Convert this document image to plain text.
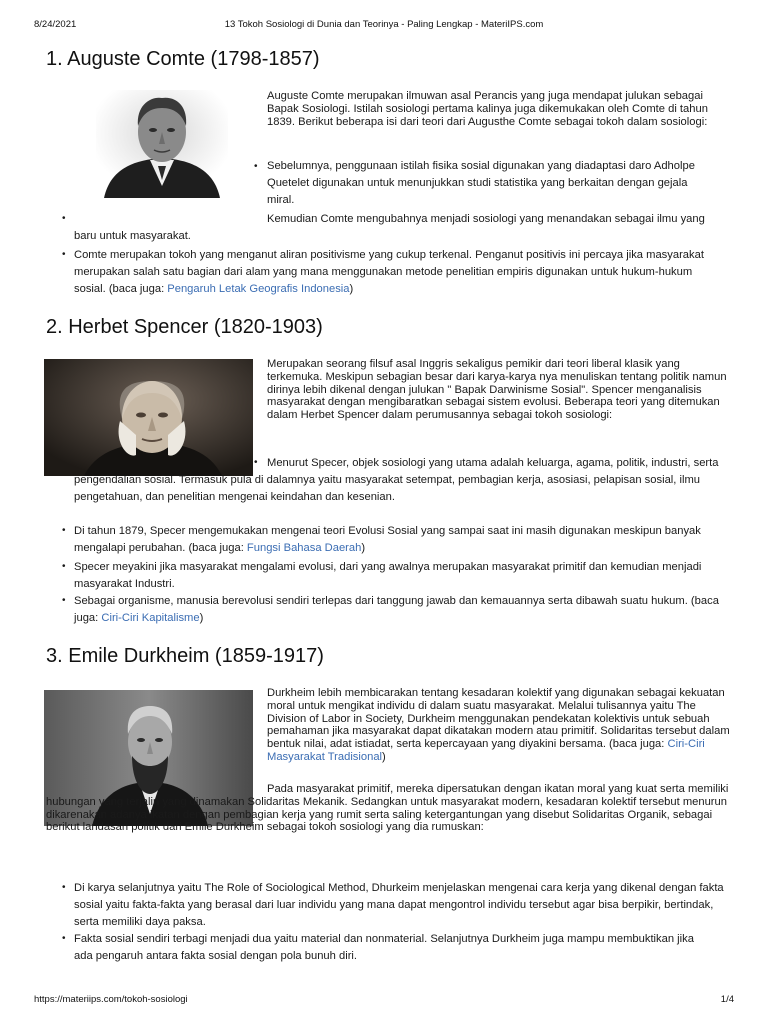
8/24/2021	13 Tokoh Sosiologi di Dunia dan Teorinya - Paling Lengkap - MateriIPS.com
https://materiips.com/tokoh-sosiologi	1/4
1. Auguste Comte (1798-1857)

Auguste Comte merupakan ilmuwan asal Perancis yang juga mendapat julukan sebagai Bapak Sosiologi. Istilah sosiologi pertama kalinya juga dikemukakan oleh Comte di tahun 1839. Berikut beberapa isi dari teori dari Augusthe Comte sebagai tokoh dalam sosiologi:

Sebelumnya, penggunaan istilah fisika sosial digunakan yang diadaptasi daro Adholpe Quetelet digunakan untuk menunjukkan studi statistika yang berkaitan dengan gejala miral.
•
•	Kemudian Comte mengubahnya menjadi sosiologi yang menandakan sebagai ilmu yang baru untuk masyarakat.
• Comte merupakan tokoh yang menganut aliran positivisme yang cukup terkenal. Penganut positivis ini percaya jika masyarakat merupakan salah satu bagian dari alam yang mana menggunakan metode penelitian empiris digunakan untuk hukum-hukum sosial. (baca juga: Pengaruh Letak Geografis Indonesia)
2. Herbet Spencer (1820-1903)

Merupakan seorang filsuf asal Inggris sekaligus pemikir dari teori liberal klasik yang terkemuka. Meskipun sebagian besar dari karya-karya nya menuliskan tentang politik namun dirinya lebih dikenal dengan julukan " Bapak Darwinisme Sosial". Spencer menganalisis masyarakat dengan mengibaratkan sebagai sistem evolusi. Beberapa teori yang ditemukan dalam Herbet Spencer dalam perumusannya sebagai tokoh sosiologi:

• Menurut Specer, objek sosiologi yang utama adalah keluarga, agama, politik, industri, serta pengendalian sosial. Termasuk pula di dalamnya yaitu masyarakat setempat, pembagian kerja, asosiasi, pelapisan sosial, ilmu pengetahuan, dan penelitian mengenai keindahan dan kesenian.
• Di tahun 1879, Specer mengemukakan mengenai teori Evolusi Sosial yang sampai saat ini masih digunakan meskipun banyak mengalapi perubahan. (baca juga: Fungsi Bahasa Daerah)
• Specer meyakini jika masyarakat mengalami evolusi, dari yang awalnya merupakan masyarakat primitif dan kemudian menjadi masyarakat Industri.
• Sebagai organisme, manusia berevolusi sendiri terlepas dari tanggung jawab dan kemauannya serta dibawah suatu hukum. (baca juga: Ciri-Ciri Kapitalisme)
3. Emile Durkheim (1859-1917)

Durkheim lebih membicarakan tentang kesadaran kolektif yang digunakan sebagai kekuatan moral untuk mengikat individu di dalam suatu masyarakat. Melalui tulisannya yaitu The Division of Labor in Society, Durkheim menggunakan pendekatan kolektivis untuk sebuah pemahaman jika masyarakat dapat dikatakan modern atau primitif. Solidaritas tersebut dalam bentuk nilai, adat istiadat, serta kepercayaan yang diyakini bersama. (baca juga: Ciri-Ciri Masyarakat Tradisional)

Pada masyarakat primitif, mereka dipersatukan dengan ikatan moral yang kuat serta memiliki hubungan yang terjalin yang dinamakan Solidaritas Mekanik. Sedangkan untuk masyarakat modern, kesadaran kolektif tersebut menurun dikarenakan adanya ikatan dengan pembagian kerja yang rumit serta saling ketergantungan yang disebut Solidaritas Organik, sebagai berikut landasan politik dari Emile Durkheim sebagai tokoh sosiologi yang dia rumuskan:

• Di karya selanjutnya yaitu The Role of Sociological Method, Dhurkeim menjelaskan mengenai cara kerja yang dikenal dengan fakta sosial yaitu fakta-fakta yang berasal dari luar individu yang mana dapat mengontrol individu tersebut agar bisa berpikir, bertindak, serta memiliki daya paksa.
• Fakta sosial sendiri terbagi menjadi dua yaitu material dan nonmaterial. Selanjutnya Durkheim juga mampu membuktikan jika ada pengaruh antara fakta sosial dengan pola bunuh diri.
